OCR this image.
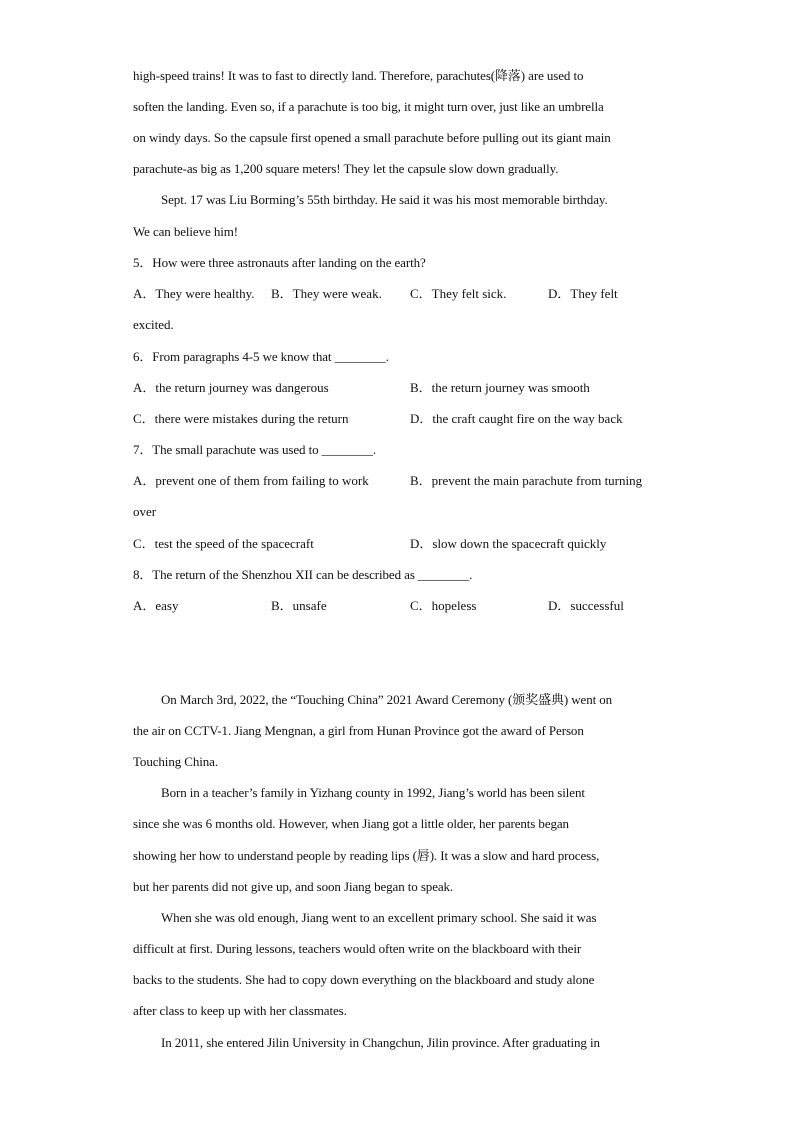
high-speed trains! It was to fast to directly land. Therefore, parachutes(降落) are used to
soften the landing. Even so, if a parachute is too big, it might turn over, just like an umbrella
on windy days. So the capsule first opened a small parachute before pulling out its giant main
parachute-as big as 1,200 square meters! They let the capsule slow down gradually.
Sept. 17 was Liu Borming’s 55th birthday. He said it was his most memorable birthday.
We can believe him!
5．How were three astronauts after landing on the earth?
A．They were healthy. B．They were weak. C．They felt sick.	D．They felt
excited.
6．From paragraphs 4-5 we know that ________.
A．the return journey was dangerous	B．the return journey was smooth
C．there were mistakes during the return	D．the craft caught fire on the way back
7．The small parachute was used to ________.
A．prevent one of them from failing to work	B．prevent the main parachute from turning
over
C．test the speed of the spacecraft	D．slow down the spacecraft quickly
8．The return of the Shenzhou XII can be described as ________.
A．easy	B．unsafe	C．hopeless	D．successful
On March 3rd, 2022, the “Touching China” 2021 Award Ceremony (颁奖盛典) went on
the air on CCTV-1. Jiang Mengnan, a girl from Hunan Province got the award of Person
Touching China.
Born in a teacher’s family in Yizhang county in 1992, Jiang’s world has been silent
since she was 6 months old. However, when Jiang got a little older, her parents began
showing her how to understand people by reading lips (唇). It was a slow and hard process,
but her parents did not give up, and soon Jiang began to speak.
When she was old enough, Jiang went to an excellent primary school. She said it was
difficult at first. During lessons, teachers would often write on the blackboard with their
backs to the students. She had to copy down everything on the blackboard and study alone
after class to keep up with her classmates.
In 2011, she entered Jilin University in Changchun, Jilin province. After graduating in
